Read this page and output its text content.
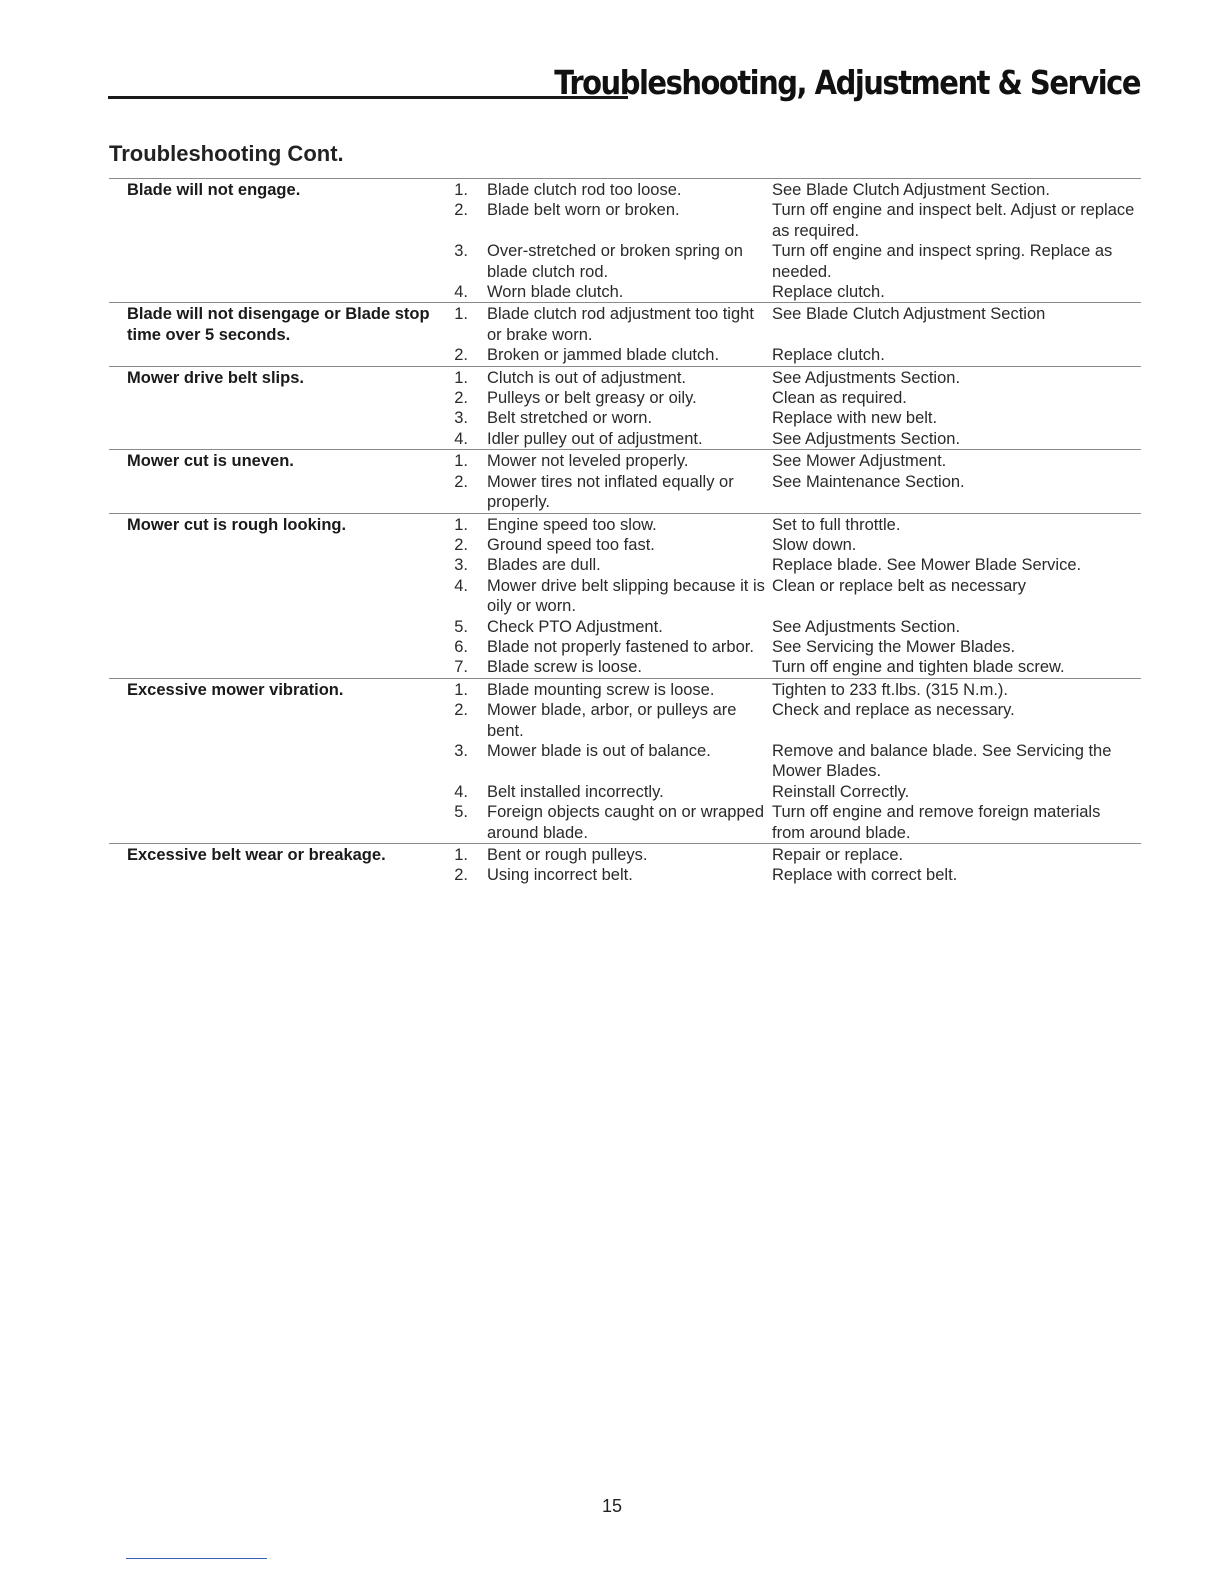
Troubleshooting, Adjustment & Service
Troubleshooting Cont.
Blade will not engage.	1.	Blade clutch rod too loose.	See Blade Clutch Adjustment Section.
	2.	Blade belt worn or broken.	Turn off engine and inspect belt. Adjust or replace as required.
	3.	Over-stretched or broken spring on blade clutch rod.	Turn off engine and inspect spring. Replace as needed.
	4.	Worn blade clutch.	Replace clutch.
Blade will not disengage or Blade stop time over 5 seconds.	1.	Blade clutch rod adjustment too tight or brake worn.	See Blade Clutch Adjustment Section
	2.	Broken or jammed blade clutch.	Replace clutch.
Mower drive belt slips.	1.	Clutch is out of adjustment.	See Adjustments Section.
	2.	Pulleys or belt greasy or oily.	Clean as required.
	3.	Belt stretched or worn.	Replace with new belt.
	4.	Idler pulley out of adjustment.	See Adjustments Section.
Mower cut is uneven.	1.	Mower not leveled properly.	See Mower Adjustment.
	2.	Mower tires not inflated equally or properly.	See Maintenance Section.
Mower cut is rough looking.	1.	Engine speed too slow.	Set to full throttle.
	2.	Ground speed too fast.	Slow down.
	3.	Blades are dull.	Replace blade. See Mower Blade Service.
	4.	Mower drive belt slipping because it is oily or worn.	Clean or replace belt as necessary
	5.	Check PTO Adjustment.	See Adjustments Section.
	6.	Blade not properly fastened to arbor.	See Servicing the Mower Blades.
	7.	Blade screw is loose.	Turn off engine and tighten blade screw.
Excessive mower vibration.	1.	Blade mounting screw is loose.	Tighten to 233 ft.lbs. (315 N.m.).
	2.	Mower blade, arbor, or pulleys are bent.	Check and replace as necessary.
	3.	Mower blade is out of balance.	Remove and balance blade. See Servicing the Mower Blades.
	4.	Belt installed incorrectly.	Reinstall Correctly.
	5.	Foreign objects caught on or wrapped around blade.	Turn off engine and remove foreign materials from around blade.
Excessive belt wear or breakage.	1.	Bent or rough pulleys.	Repair or replace.
	2.	Using incorrect belt.	Replace with correct belt.
15
